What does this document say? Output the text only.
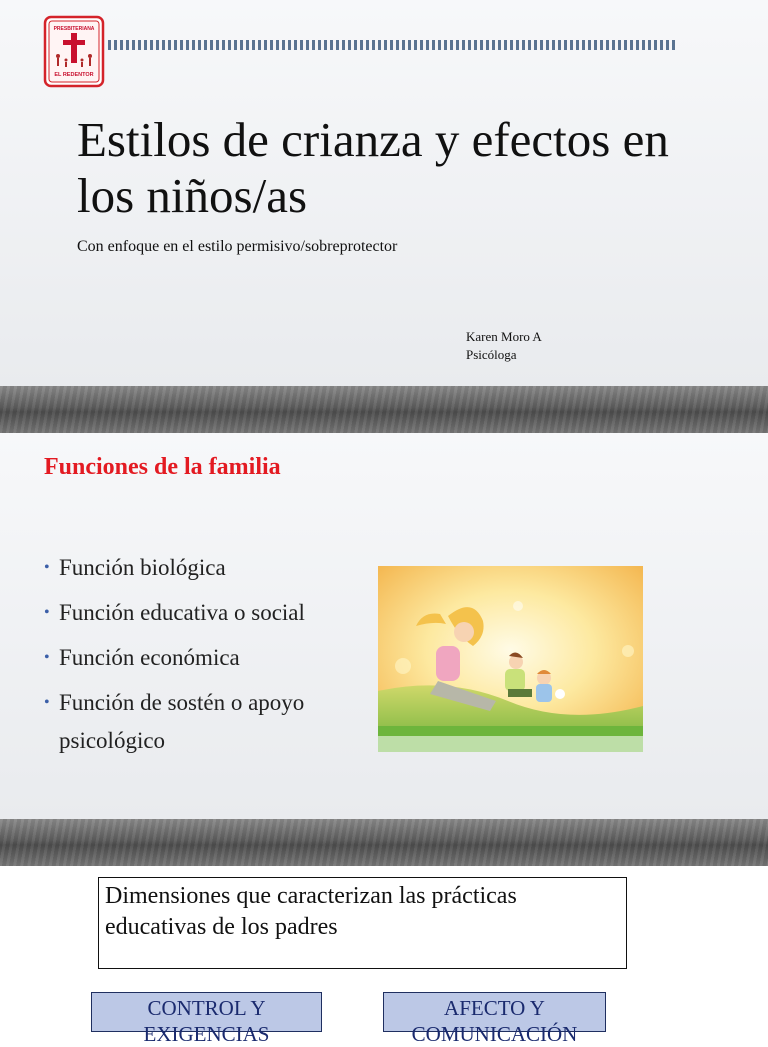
PRESBITERIANA
EL REDENTOR
Estilos de crianza y efectos en los niños/as
Con enfoque en el estilo permisivo/sobreprotector
Karen Moro A
Psicóloga
Funciones de la familia
• Función biológica
• Función educativa o social
• Función económica
• Función de sostén o apoyo psicológico
Dimensiones que caracterizan las prácticas educativas de los padres
CONTROL Y EXIGENCIAS
AFECTO Y COMUNICACIÓN
